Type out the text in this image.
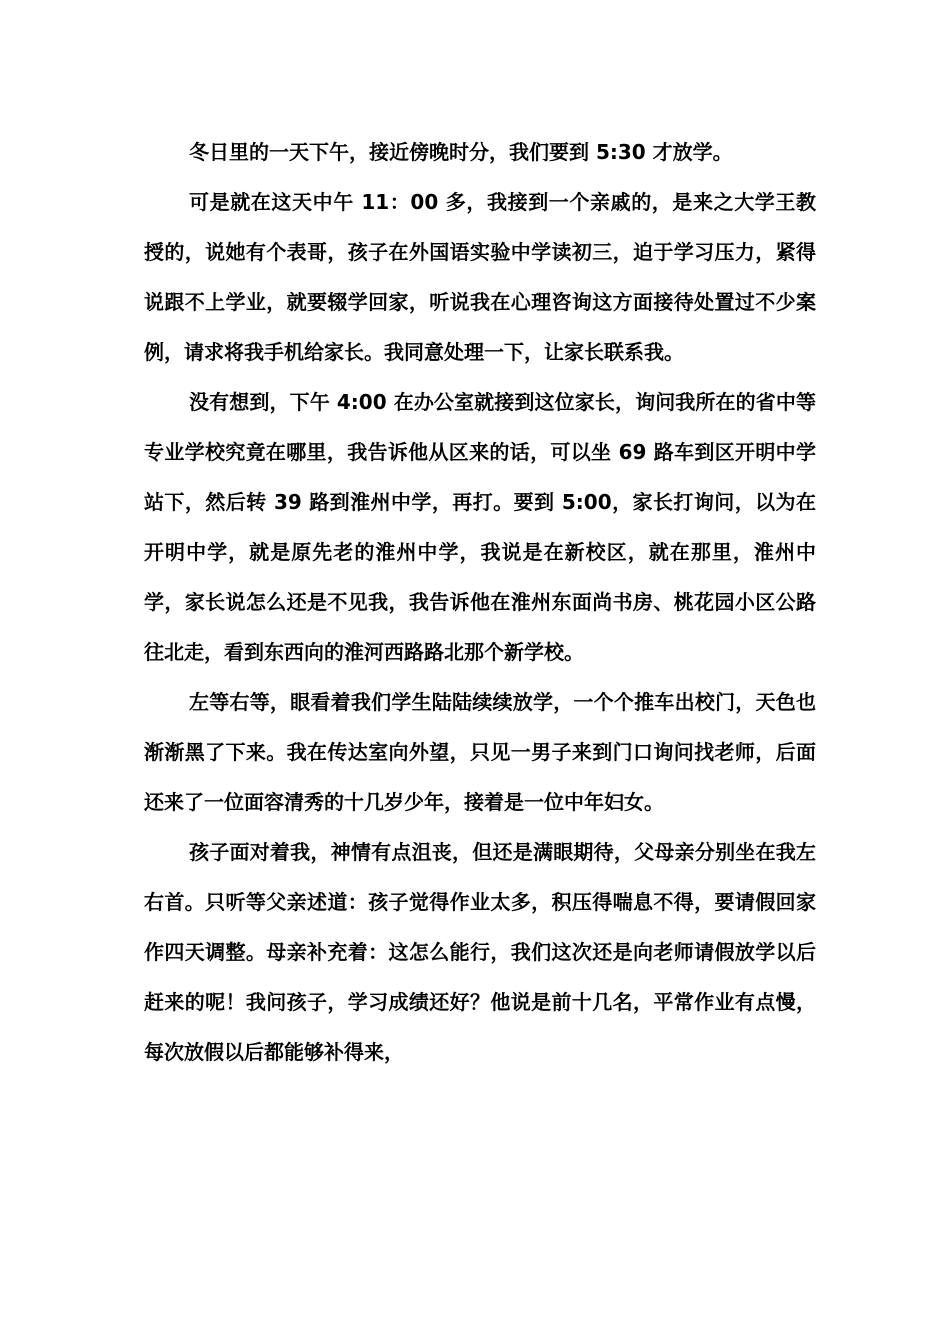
冬日里的一天下午，接近傍晚时分，我们要到 5:30 才放学。

可是就在这天中午 11：00 多，我接到一个亲戚的，是来之大学王教授的，说她有个表哥，孩子在外国语实验中学读初三，迫于学习压力，紧得说跟不上学业，就要辍学回家，听说我在心理咨询这方面接待处置过不少案例，请求将我手机给家长。我同意处理一下，让家长联系我。

没有想到，下午 4:00 在办公室就接到这位家长，询问我所在的省中等专业学校究竟在哪里，我告诉他从区来的话，可以坐 69 路车到区开明中学站下，然后转 39 路到淮州中学，再打。要到 5:00，家长打询问，以为在开明中学，就是原先老的淮州中学，我说是在新校区，就在那里，淮州中学，家长说怎么还是不见我，我告诉他在淮州东面尚书房、桃花园小区公路往北走，看到东西向的淮河西路路北那个新学校。

左等右等，眼看着我们学生陆陆续续放学，一个个推车出校门，天色也渐渐黑了下来。我在传达室向外望，只见一男子来到门口询问找老师，后面还来了一位面容清秀的十几岁少年，接着是一位中年妇女。

孩子面对着我，神情有点沮丧，但还是满眼期待，父母亲分别坐在我左右首。只听等父亲述道：孩子觉得作业太多，积压得喘息不得，要请假回家作四天调整。母亲补充着：这怎么能行，我们这次还是向老师请假放学以后赶来的呢！我问孩子，学习成绩还好？他说是前十几名，平常作业有点慢，每次放假以后都能够补得来，
